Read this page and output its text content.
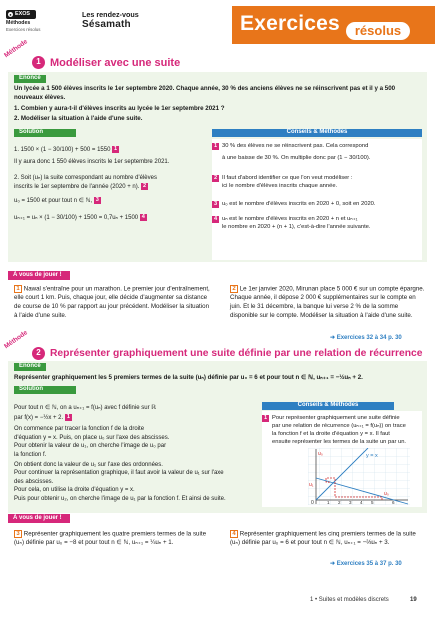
● EXOS
Méthodes
Exercices résolus
Les rendez-vous
Sésamath	Exercices	résolus
Méthode
1 Modéliser avec une suite
Énoncé
Un lycée a 1 500 élèves inscrits le 1er septembre 2020. Chaque année, 30 % des anciens élèves ne se réinscrivent pas et il y a 500 nouveaux élèves.
1. Combien y aura-t-il d'élèves inscrits au lycée le 1er septembre 2021 ?
2. Modéliser la situation à l'aide d'une suite.
Solution	Conseils & Méthodes
1. 1500 × (1 − 30/100) + 500 = 1550 1
Il y aura donc 1 550 élèves inscrits le 1er septembre 2021.
2. Soit (uₙ) la suite correspondant au nombre d'élèves
inscrits le 1er septembre de l'année (2020 + n). 2
u₀ = 1500 et pour tout n ∈ ℕ, 3
uₙ₊₁ = uₙ × (1 − 30/100) + 1500 = 0,7uₙ + 1500 4
1 30 % des élèves ne se réinscrivent pas. Cela correspond
à une baisse de 30 %. On multiplie donc par (1 − 30/100).
2 Il faut d'abord identifier ce que l'on veut modéliser :
ici le nombre d'élèves inscrits chaque année.
3 u₀ est le nombre d'élèves inscrits en 2020 + 0, soit en 2020.
4 uₙ est le nombre d'élèves inscrits en 2020 + n et uₙ₊₁
le nombre en 2020 + (n + 1), c'est-à-dire l'année suivante.
À vous de jouer !
1 Nawal s'entraîne pour un marathon. Le premier jour d'entraînement, elle court 1 km. Puis, chaque jour, elle décide d'augmenter sa distance de course de 10 % par rapport au jour précédent. Modéliser la situation à l'aide d'une suite.
2 Le 1er janvier 2020, Mirunan place 5 000 € sur un compte épargne. Chaque année, il dépose 2 000 € supplémentaires sur le compte en juin. Et le 31 décembre, la banque lui verse 2 % de la somme disponible sur le compte. Modéliser la situation à l'aide d'une suite.
➜ Exercices 32 à 34 p. 30
Méthode
2 Représenter graphiquement une suite définie par une relation de récurrence
Énoncé
Représenter graphiquement les 5 premiers termes de la suite (uₙ) définie par u₀ = 6 et pour tout n ∈ ℕ, uₙ₊₁ = −½uₙ + 2.
Solution
Conseils & Méthodes
Pour tout n ∈ ℕ, on a uₙ₊₁ = f(uₙ) avec f définie sur ℝ
par f(x) = −½x + 2. 1
On commence par tracer la fonction f de la droite
d'équation y = x. Puis, on place u₀ sur l'axe des abscisses.
Pour obtenir la valeur de u₁, on cherche l'image de u₀ par
la fonction f.
On obtient donc la valeur de u₁ sur l'axe des ordonnées.
Pour continuer la représentation graphique, il faut avoir la valeur de u₁ sur l'axe
des abscisses.
Pour cela, on utilise la droite d'équation y = x.
Puis pour obtenir u₂, on cherche l'image de u₁ par la fonction f. Et ainsi de suite.
1 Pour représenter graphiquement une suite définie
par une relation de récurrence (uₙ₊₁ = f(uₙ)) on trace
la fonction f et la droite d'équation y = x. Il faut
ensuite représenter les termes de la suite un par un.
y = x
u₀
u₁
u₀
0	1 2 3 4 5	6
À vous de jouer !
3 Représenter graphiquement les quatre premiers termes de la suite (uₙ) définie par u₀ = −8 et pour tout n ∈ ℕ, uₙ₊₁ = ¼uₙ + 1.
4 Représenter graphiquement les cinq premiers termes de la suite (uₙ) définie par u₀ = 6 et pour tout n ∈ ℕ, uₙ₊₁ = −⅔uₙ + 3.
➜ Exercices 35 à 37 p. 30
1 • Suites et modèles discrets	19
